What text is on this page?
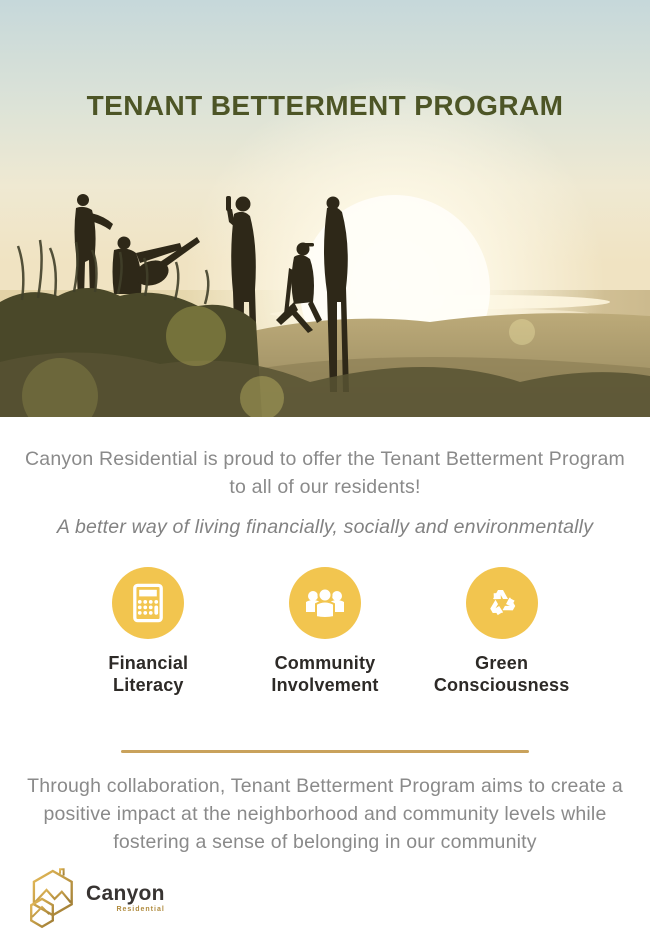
TENANT BETTERMENT PROGRAM

Canyon Residential is proud to offer the Tenant Betterment Program to all of our residents!

A better way of living financially, socially and environmentally

Financial Literacy
Community Involvement
Green Consciousness

Through collaboration, Tenant Betterment Program aims to create a positive impact at the neighborhood and community levels while fostering a sense of belonging in our community

Canyon
Residential
